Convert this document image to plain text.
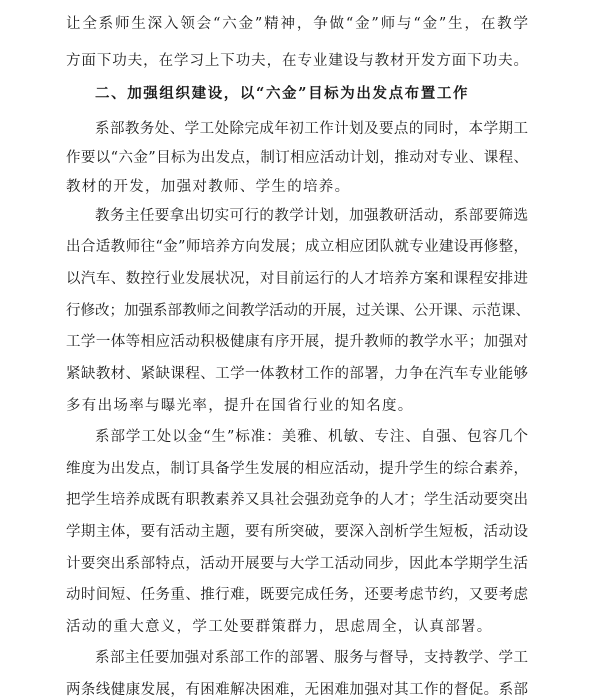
让全系师生深入领会“六金”精神，争做“金”师与“金”生，在教学
方面下功夫，在学习上下功夫，在专业建设与教材开发方面下功夫。
二、加强组织建设，以“六金”目标为出发点布置工作
系部教务处、学工处除完成年初工作计划及要点的同时，本学期工
作要以“六金”目标为出发点，制订相应活动计划，推动对专业、课程、
教材的开发，加强对教师、学生的培养。
教务主任要拿出切实可行的教学计划，加强教研活动，系部要筛选
出合适教师往“金”师培养方向发展；成立相应团队就专业建设再修整，
以汽车、数控行业发展状况，对目前运行的人才培养方案和课程安排进
行修改；加强系部教师之间教学活动的开展，过关课、公开课、示范课、
工学一体等相应活动积极健康有序开展，提升教师的教学水平；加强对
紧缺教材、紧缺课程、工学一体教材工作的部署，力争在汽车专业能够
多有出场率与曝光率，提升在国省行业的知名度。
系部学工处以金“生”标准：美雅、机敏、专注、自强、包容几个
维度为出发点，制订具备学生发展的相应活动，提升学生的综合素养，
把学生培养成既有职教素养又具社会强劲竞争的人才；学生活动要突出
学期主体，要有活动主题，要有所突破，要深入剖析学生短板，活动设
计要突出系部特点，活动开展要与大学工活动同步，因此本学期学生活
动时间短、任务重、推行难，既要完成任务，还要考虑节约，又要考虑
活动的重大意义，学工处要群策群力，思虑周全，认真部署。
系部主任要加强对系部工作的部署、服务与督导，支持教学、学工
两条线健康发展，有困难解决困难，无困难加强对其工作的督促。系部
